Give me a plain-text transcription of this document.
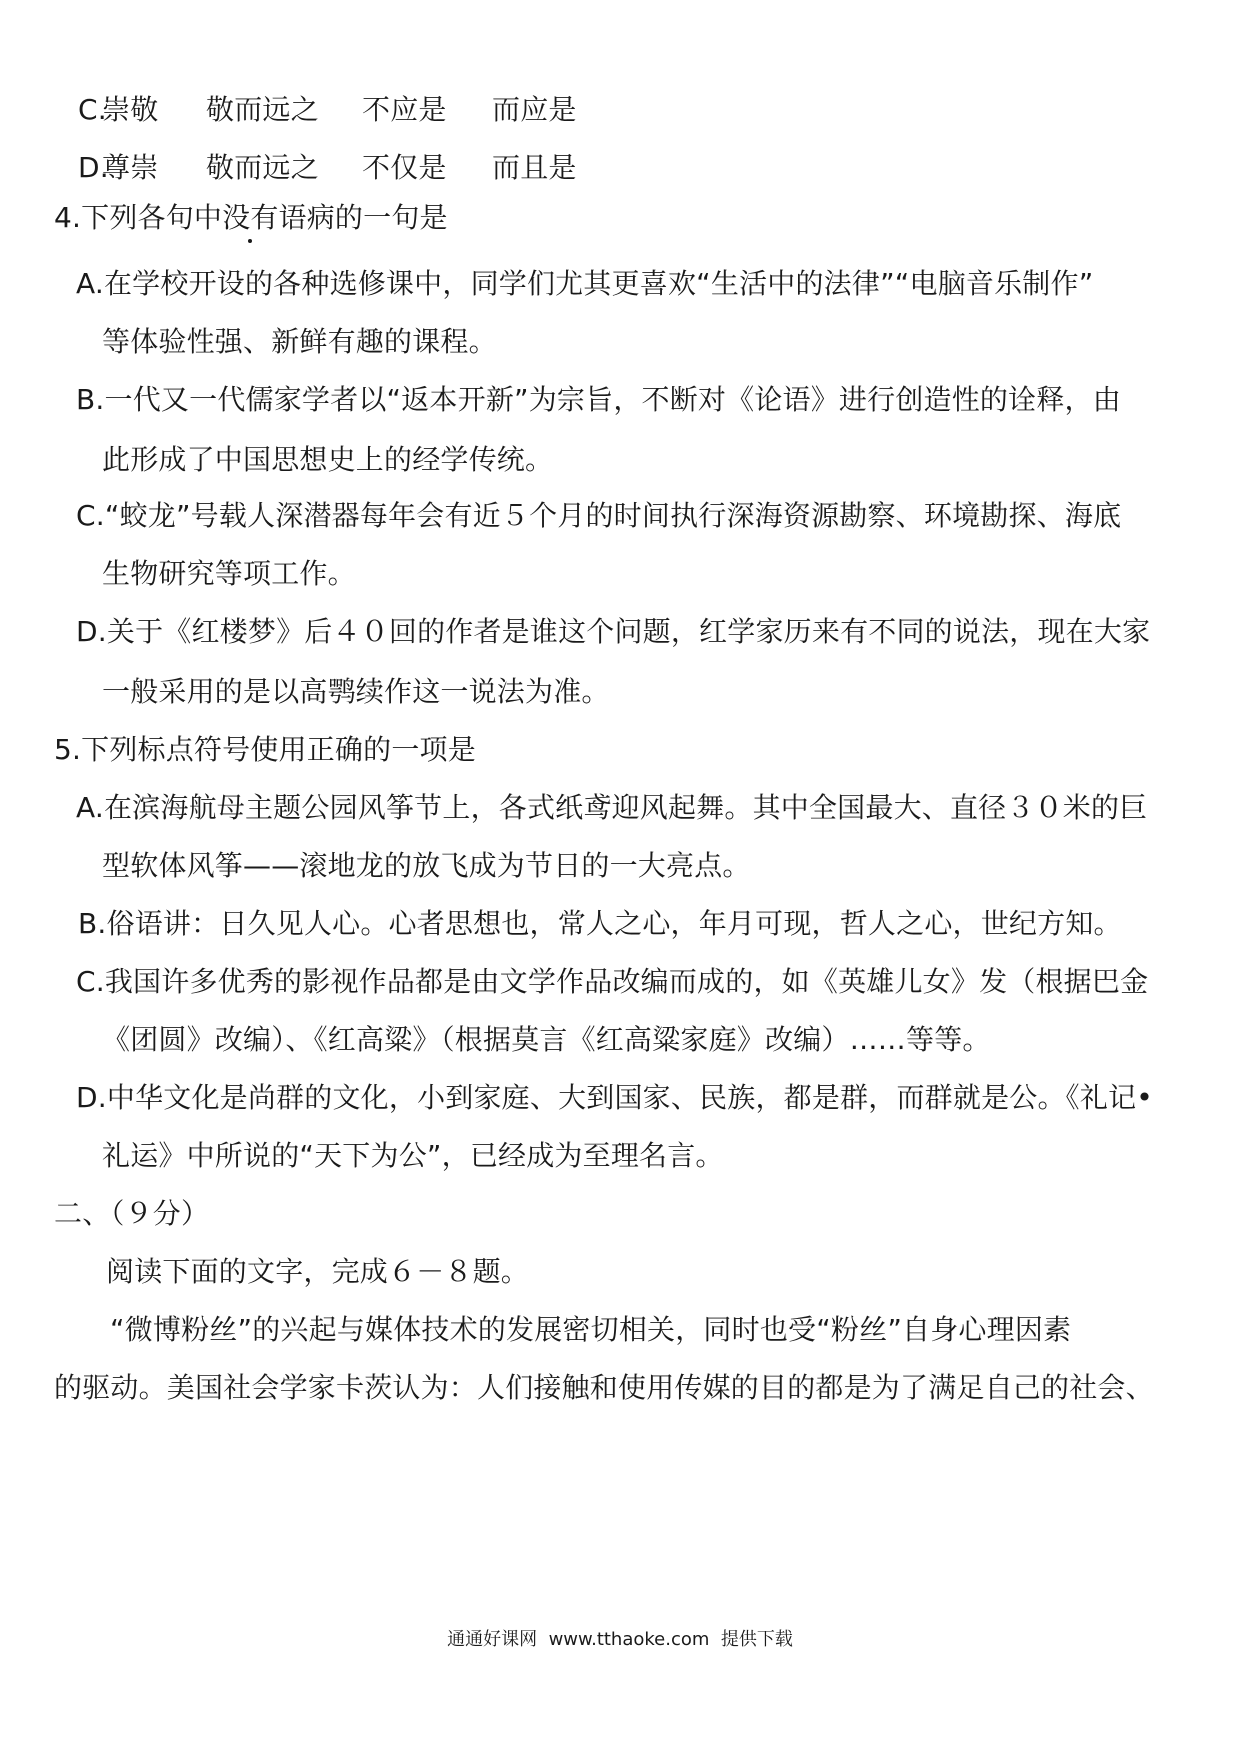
C.
崇敬 敬而远之 不应是 而应是
D.
尊崇 敬而远之 不仅是 而且是
4.下列各句中没有语病的一句是
A.在学校开设的各种选修课中，同学们尤其更喜欢“生活中的法律”“电脑音乐制作”
等体验性强、新鲜有趣的课程。
B.一代又一代儒家学者以“返本开新”为宗旨，不断对《论语》进行创造性的诠释，由
此形成了中国思想史上的经学传统。
C.“蛟龙”号载人深潜器每年会有近５个月的时间执行深海资源勘察、环境勘探、海底
生物研究等项工作。
D.关于《红楼梦》后４０回的作者是谁这个问题，红学家历来有不同的说法，现在大家
一般采用的是以高鹗续作这一说法为准。
5.下列标点符号使用正确的一项是
A.在滨海航母主题公园风筝节上，各式纸鸢迎风起舞。其中全国最大、直径３０米的巨
型软体风筝——滚地龙的放飞成为节日的一大亮点。
B.俗语讲：日久见人心。心者思想也，常人之心，年月可现，哲人之心，世纪方知。
C.我国许多优秀的影视作品都是由文学作品改编而成的，如《英雄儿女》发（根据巴金
《团圆》改编）、《红高粱》（根据莫言《红高粱家庭》改编）……等等。
D.中华文化是尚群的文化，小到家庭、大到国家、民族，都是群，而群就是公。《礼记•
礼运》中所说的“天下为公”，已经成为至理名言。
二、（９分）
阅读下面的文字，完成６－８题。
“微博粉丝”的兴起与媒体技术的发展密切相关，同时也受“粉丝”自身心理因素
的驱动。美国社会学家卡茨认为：人们接触和使用传媒的目的都是为了满足自己的社会、
通通好课网 www.tthaoke.com 提供下载
